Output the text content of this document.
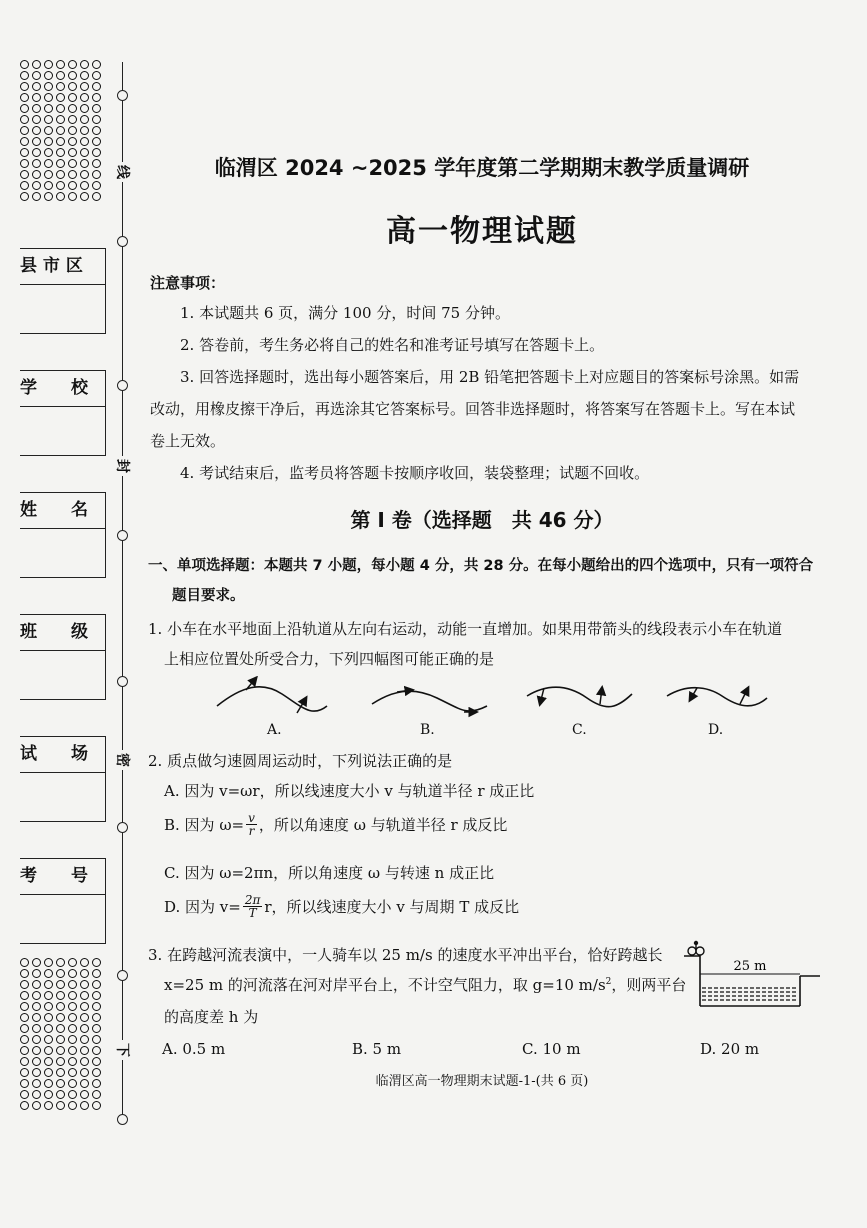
线
封
密
下
县 市 区
学　　校
姓　　名
班　　级
试　　场
考　　号
临渭区 2024 ~2025 学年度第二学期期末教学质量调研
高一物理试题
注意事项：
1. 本试题共 6 页，满分 100 分，时间 75 分钟。
2. 答卷前，考生务必将自己的姓名和准考证号填写在答题卡上。
3. 回答选择题时，选出每小题答案后，用 2B 铅笔把答题卡上对应题目的答案标号涂黑。如需
改动，用橡皮擦干净后，再选涂其它答案标号。回答非选择题时，将答案写在答题卡上。写在本试
卷上无效。
4. 考试结束后，监考员将答题卡按顺序收回，装袋整理；试题不回收。
第 Ⅰ 卷（选择题　共 46 分）
一、单项选择题：本题共 7 小题，每小题 4 分，共 28 分。在每小题给出的四个选项中，只有一项符合
题目要求。
1. 小车在水平地面上沿轨道从左向右运动，动能一直增加。如果用带箭头的线段表示小车在轨道
上相应位置处所受合力，下列四幅图可能正确的是
A.	B.	C.	D.
2. 质点做匀速圆周运动时，下列说法正确的是
A. 因为 v=ωr，所以线速度大小 v 与轨道半径 r 成正比
B. 因为 $\omega= \frac{v}{r}$ ，所以角速度 ω 与轨道半径 r 成反比
C. 因为 ω=2πn，所以角速度 ω 与转速 n 成正比
D. 因为 $v= \frac{2\pi}{T}$ r，所以线速度大小 v 与周期 T 成反比
3. 在跨越河流表演中，一人骑车以 25 m/s 的速度水平冲出平台，恰好跨越长
x=25 m 的河流落在河对岸平台上，不计空气阻力，取 g=10 $m/s^2$，则两平台
的高度差 h 为
25 m
A. 0.5 m	B. 5 m	C. 10 m	D. 20 m
临渭区高一物理期末试题-1-(共 6 页)
